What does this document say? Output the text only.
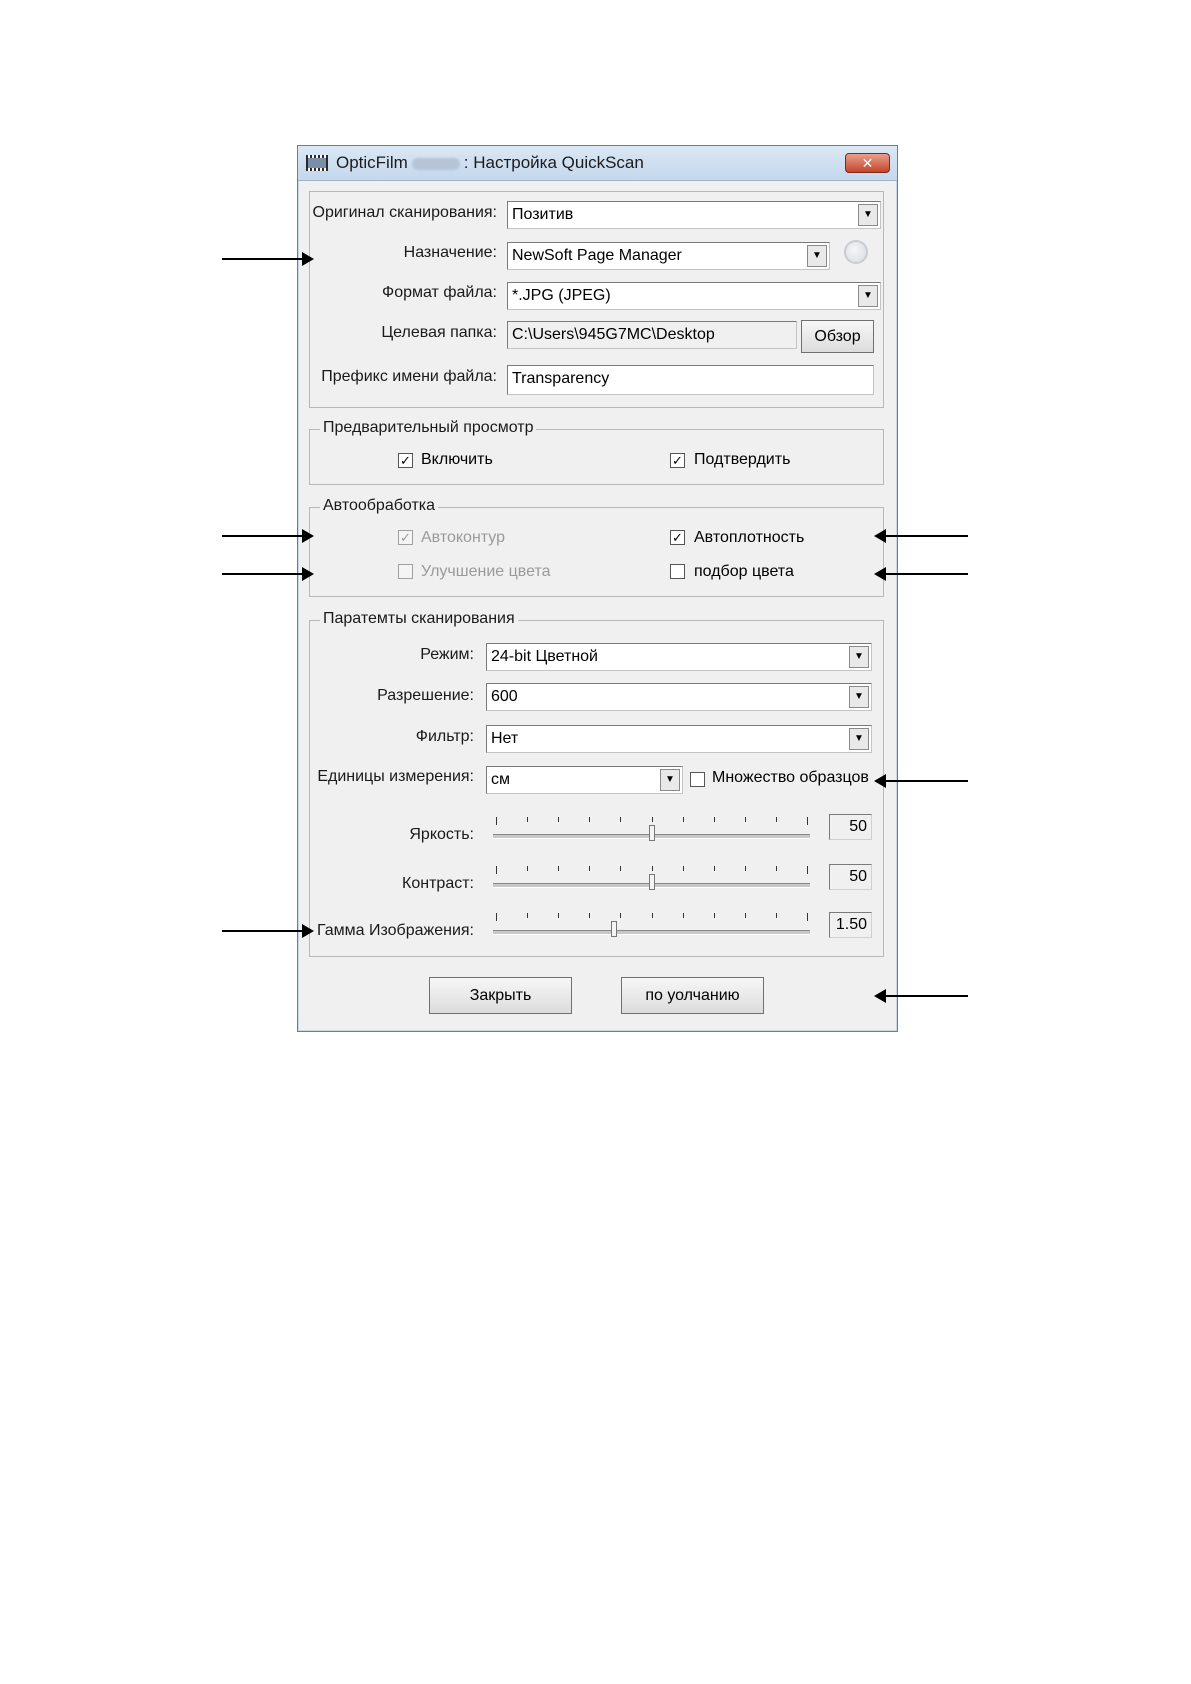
OpticFilm	: Настройка QuickScan	✕
Оригинал сканирования: Позитив	▼
Назначение: NewSoft Page Manager	▼
Формат файла: *.JPG (JPEG)	▼
Целевая папка: C:\Users\945G7MC\Desktop	Обзор
Префикс имени файла: Transparency
Предварительный просмотр
✓ Включить	✓ Подтвердить
Автообработка
✓ Автоконтур	✓ Автоплотность
Улучшение цвета	подбор цвета
Паратемты сканирования
Режим:	24-bit Цветной	▼
Разрешение:	600	▼
Фильтр:	Нет	▼
Единицы измерения:	см	▼	Множество образцов
Яркость:	50
Контраст:	50
Гамма Изображения:	1.50
Закрыть	по уолчанию
